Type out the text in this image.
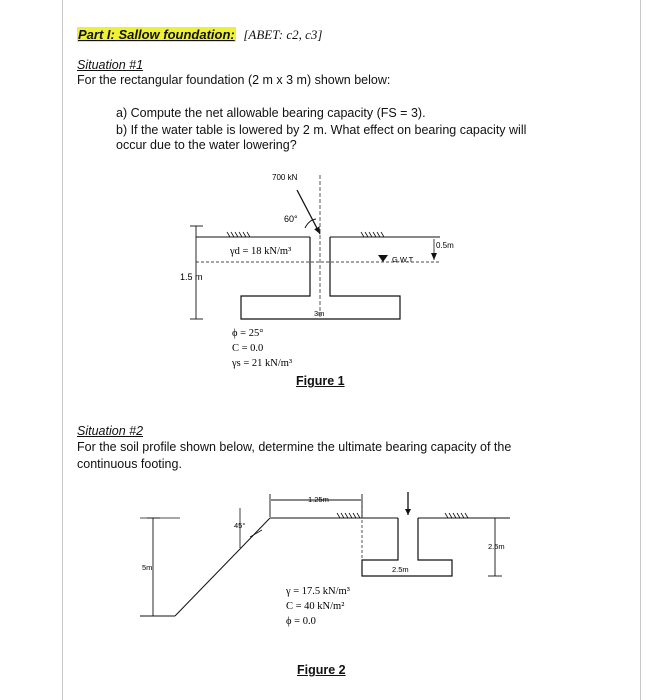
Part I: Sallow foundation: [ABET: c2, c3]
Situation #1
For the rectangular foundation (2 m x 3 m) shown below:
a) Compute the net allowable bearing capacity (FS = 3).
b) If the water table is lowered by 2 m. What effect on bearing capacity will
occur due to the water lowering?
700 kN
60°
γd = 18 kN/m³
G.W.T
0.5m
1.5 m
3m
ϕ = 25°
C = 0.0
γs = 21 kN/m³
Figure 1
Situation #2
For the soil profile shown below, determine the ultimate bearing capacity of the
continuous footing.
1.25m
45°
5m
2.5m
2.5m
γ = 17.5 kN/m³
C = 40 kN/m²
ϕ = 0.0
Figure 2
